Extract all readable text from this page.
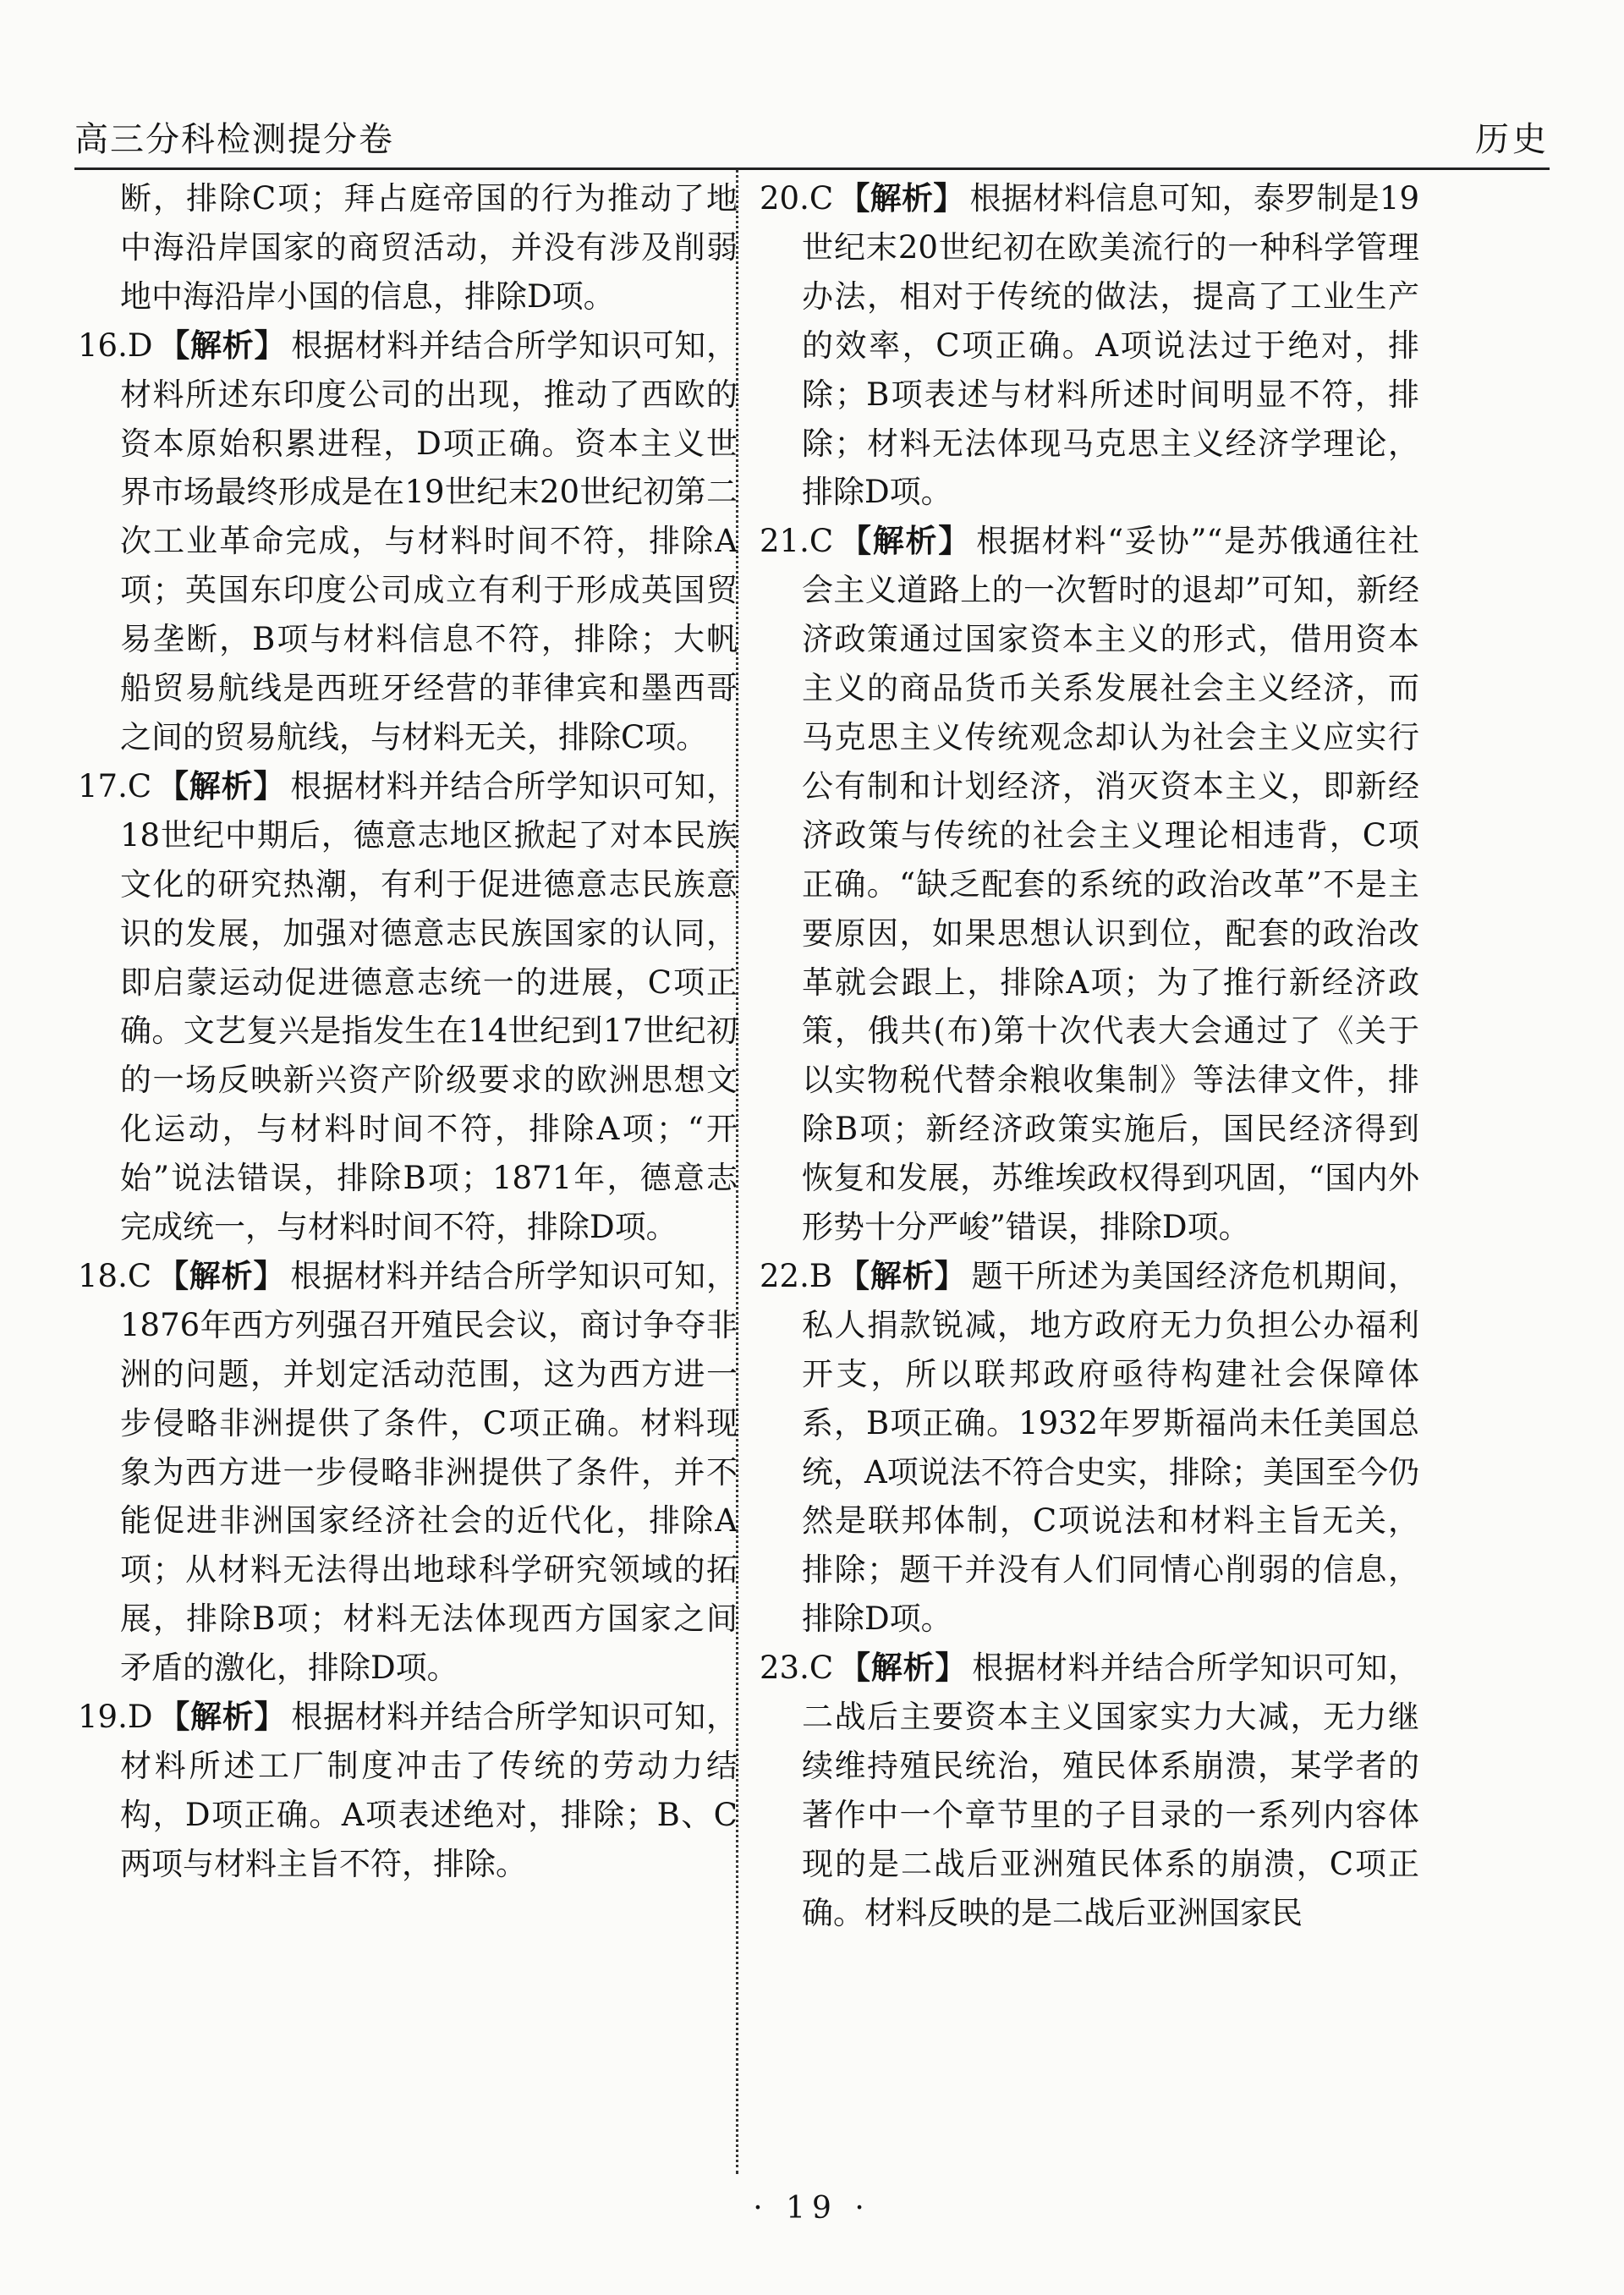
高三分科检测提分卷	历史

断，排除C项；拜占庭帝国的行为推动了地中海沿岸国家的商贸活动，并没有涉及削弱地中海沿岸小国的信息，排除D项。

16.D 【解析】 根据材料并结合所学知识可知，材料所述东印度公司的出现，推动了西欧的资本原始积累进程，D项正确。资本主义世界市场最终形成是在19世纪末20世纪初第二次工业革命完成，与材料时间不符，排除A项；英国东印度公司成立有利于形成英国贸易垄断，B项与材料信息不符，排除；大帆船贸易航线是西班牙经营的菲律宾和墨西哥之间的贸易航线，与材料无关，排除C项。

17.C 【解析】 根据材料并结合所学知识可知，18世纪中期后，德意志地区掀起了对本民族文化的研究热潮，有利于促进德意志民族意识的发展，加强对德意志民族国家的认同，即启蒙运动促进德意志统一的进展，C项正确。文艺复兴是指发生在14世纪到17世纪初的一场反映新兴资产阶级要求的欧洲思想文化运动，与材料时间不符，排除A项；“开始”说法错误，排除B项；1871年，德意志完成统一，与材料时间不符，排除D项。

18.C 【解析】 根据材料并结合所学知识可知，1876年西方列强召开殖民会议，商讨争夺非洲的问题，并划定活动范围，这为西方进一步侵略非洲提供了条件，C项正确。材料现象为西方进一步侵略非洲提供了条件，并不能促进非洲国家经济社会的近代化，排除A项；从材料无法得出地球科学研究领域的拓展，排除B项；材料无法体现西方国家之间矛盾的激化，排除D项。

19.D 【解析】 根据材料并结合所学知识可知，材料所述工厂制度冲击了传统的劳动力结构，D项正确。A项表述绝对，排除；B、C两项与材料主旨不符，排除。

20.C 【解析】 根据材料信息可知，泰罗制是19世纪末20世纪初在欧美流行的一种科学管理办法，相对于传统的做法，提高了工业生产的效率，C项正确。A项说法过于绝对，排除；B项表述与材料所述时间明显不符，排除；材料无法体现马克思主义经济学理论，排除D项。

21.C 【解析】 根据材料“妥协”“是苏俄通往社会主义道路上的一次暂时的退却”可知，新经济政策通过国家资本主义的形式，借用资本主义的商品货币关系发展社会主义经济，而马克思主义传统观念却认为社会主义应实行公有制和计划经济，消灭资本主义，即新经济政策与传统的社会主义理论相违背，C项正确。“缺乏配套的系统的政治改革”不是主要原因，如果思想认识到位，配套的政治改革就会跟上，排除A项；为了推行新经济政策，俄共(布)第十次代表大会通过了《关于以实物税代替余粮收集制》等法律文件，排除B项；新经济政策实施后，国民经济得到恢复和发展，苏维埃政权得到巩固，“国内外形势十分严峻”错误，排除D项。

22.B 【解析】 题干所述为美国经济危机期间，私人捐款锐减，地方政府无力负担公办福利开支，所以联邦政府亟待构建社会保障体系，B项正确。1932年罗斯福尚未任美国总统，A项说法不符合史实，排除；美国至今仍然是联邦体制，C项说法和材料主旨无关，排除；题干并没有人们同情心削弱的信息，排除D项。

23.C 【解析】 根据材料并结合所学知识可知，二战后主要资本主义国家实力大减，无力继续维持殖民统治，殖民体系崩溃，某学者的著作中一个章节里的子目录的一系列内容体现的是二战后亚洲殖民体系的崩溃，C项正确。材料反映的是二战后亚洲国家民

· 19 ·
